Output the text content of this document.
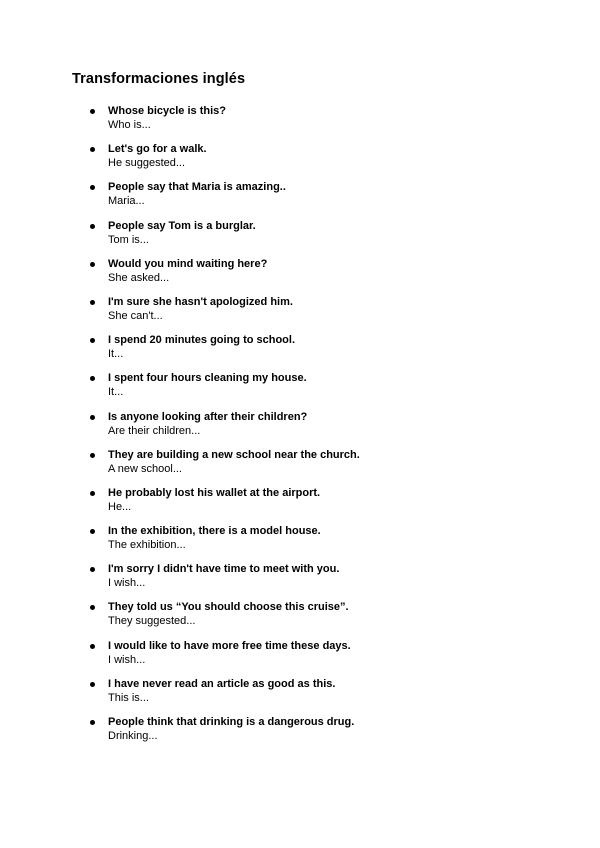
Transformaciones inglés
Whose bicycle is this?
Who is...
Let's go for a walk.
He suggested...
People say that Maria is amazing..
Maria...
People say Tom is a burglar.
Tom is...
Would you mind waiting here?
She asked...
I'm sure she hasn't apologized him.
She can't...
I spend 20 minutes going to school.
It...
I spent four hours cleaning my house.
It...
Is anyone looking after their children?
Are their children...
They are building a new school near the church.
A new school...
He probably lost his wallet at the airport.
He...
In the exhibition, there is a model house.
The exhibition...
I'm sorry I didn't have time to meet with you.
I wish...
They told us “You should choose this cruise”.
They suggested...
I would like to have more free time these days.
I wish...
I have never read an article as good as this.
This is...
People think that drinking is a dangerous drug.
Drinking...
